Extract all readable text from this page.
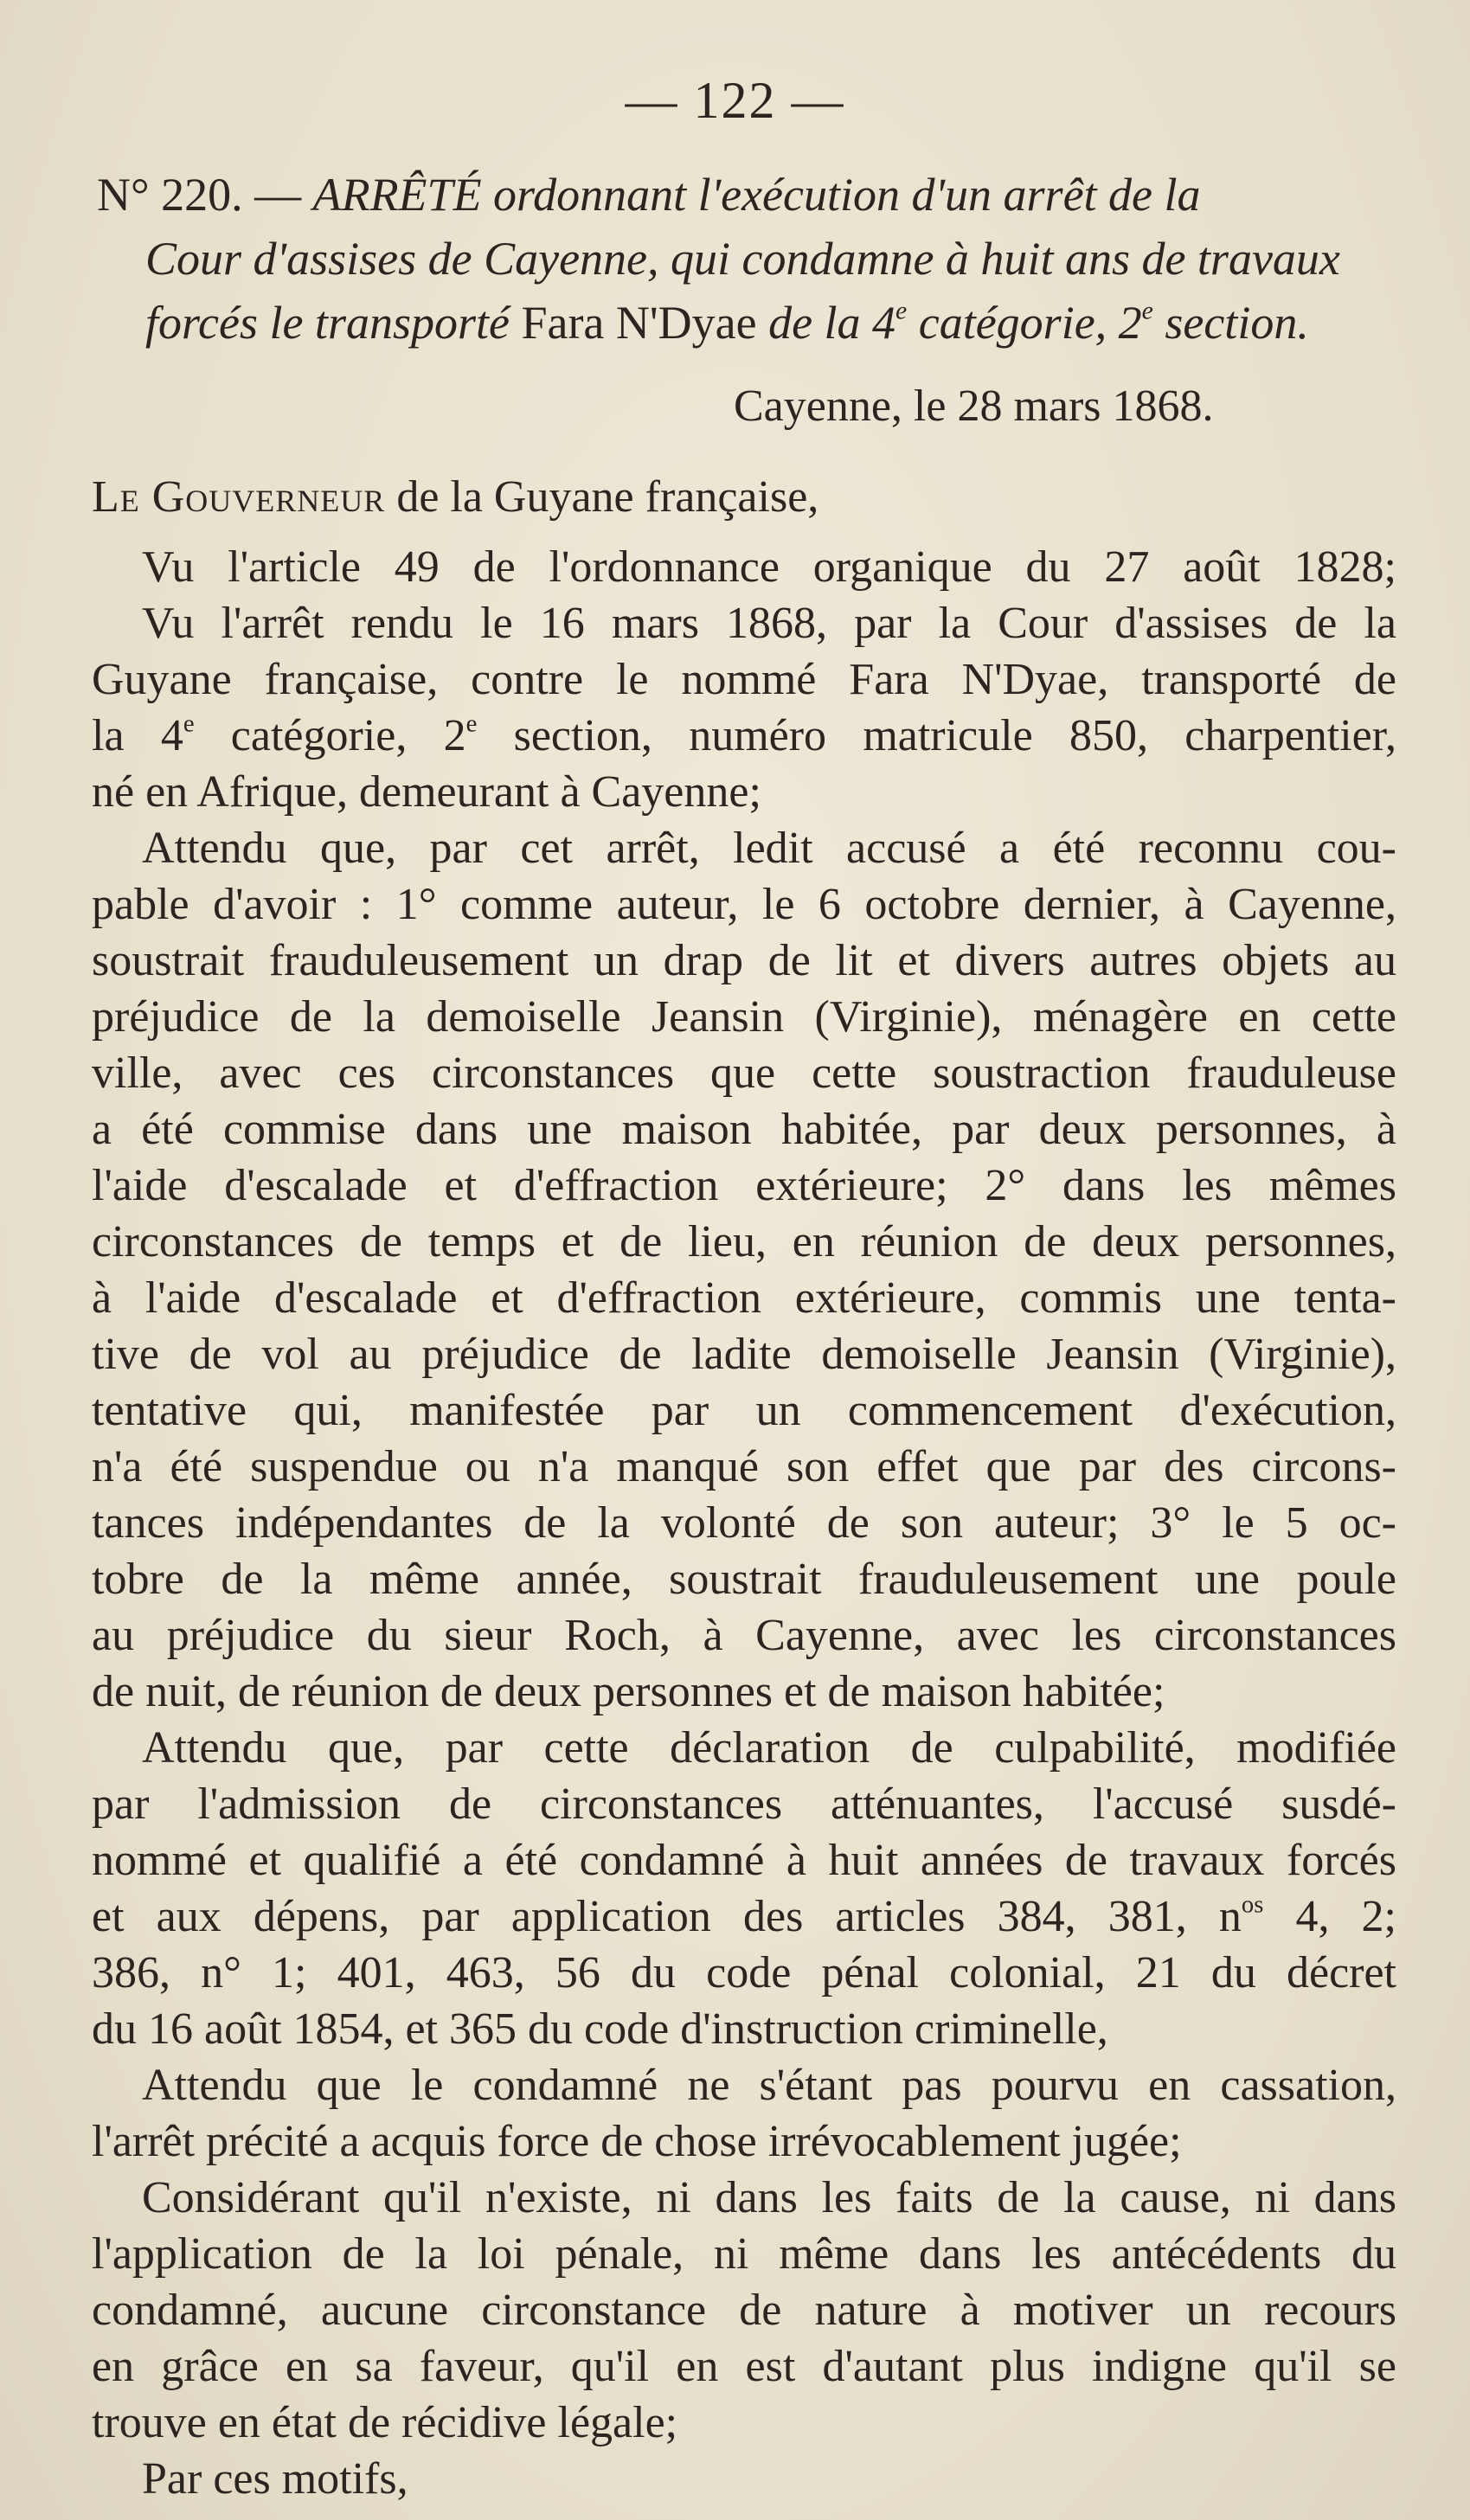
— 122 —
N° 220. — ARRÊTÉ ordonnant l'exécution d'un arrêt de la
Cour d'assises de Cayenne, qui condamne à huit ans de travaux
forcés le transporté Fara N'Dyae de la 4e catégorie, 2e section.
Cayenne, le 28 mars 1868.
Le Gouverneur de la Guyane française,
Vu l'article 49 de l'ordonnance organique du 27 août 1828;
Vu l'arrêt rendu le 16 mars 1868, par la Cour d'assises de la
Guyane française, contre le nommé Fara N'Dyae, transporté de
la 4e catégorie, 2e section, numéro matricule 850, charpentier,
né en Afrique, demeurant à Cayenne;
Attendu que, par cet arrêt, ledit accusé a été reconnu cou-
pable d'avoir : 1° comme auteur, le 6 octobre dernier, à Cayenne,
soustrait frauduleusement un drap de lit et divers autres objets au
préjudice de la demoiselle Jeansin (Virginie), ménagère en cette
ville, avec ces circonstances que cette soustraction frauduleuse
a été commise dans une maison habitée, par deux personnes, à
l'aide d'escalade et d'effraction extérieure; 2° dans les mêmes
circonstances de temps et de lieu, en réunion de deux personnes,
à l'aide d'escalade et d'effraction extérieure, commis une tenta-
tive de vol au préjudice de ladite demoiselle Jeansin (Virginie),
tentative qui, manifestée par un commencement d'exécution,
n'a été suspendue ou n'a manqué son effet que par des circons-
tances indépendantes de la volonté de son auteur; 3° le 5 oc-
tobre de la même année, soustrait frauduleusement une poule
au préjudice du sieur Roch, à Cayenne, avec les circonstances
de nuit, de réunion de deux personnes et de maison habitée;
Attendu que, par cette déclaration de culpabilité, modifiée
par l'admission de circonstances atténuantes, l'accusé susdé-
nommé et qualifié a été condamné à huit années de travaux forcés
et aux dépens, par application des articles 384, 381, $n^{os}$ 4, 2;
386, n° 1; 401, 463, 56 du code pénal colonial, 21 du décret
du 16 août 1854, et 365 du code d'instruction criminelle,
Attendu que le condamné ne s'étant pas pourvu en cassation,
l'arrêt précité a acquis force de chose irrévocablement jugée;
Considérant qu'il n'existe, ni dans les faits de la cause, ni dans
l'application de la loi pénale, ni même dans les antécédents du
condamné, aucune circonstance de nature à motiver un recours
en grâce en sa faveur, qu'il en est d'autant plus indigne qu'il se
trouve en état de récidive légale;
Par ces motifs,
